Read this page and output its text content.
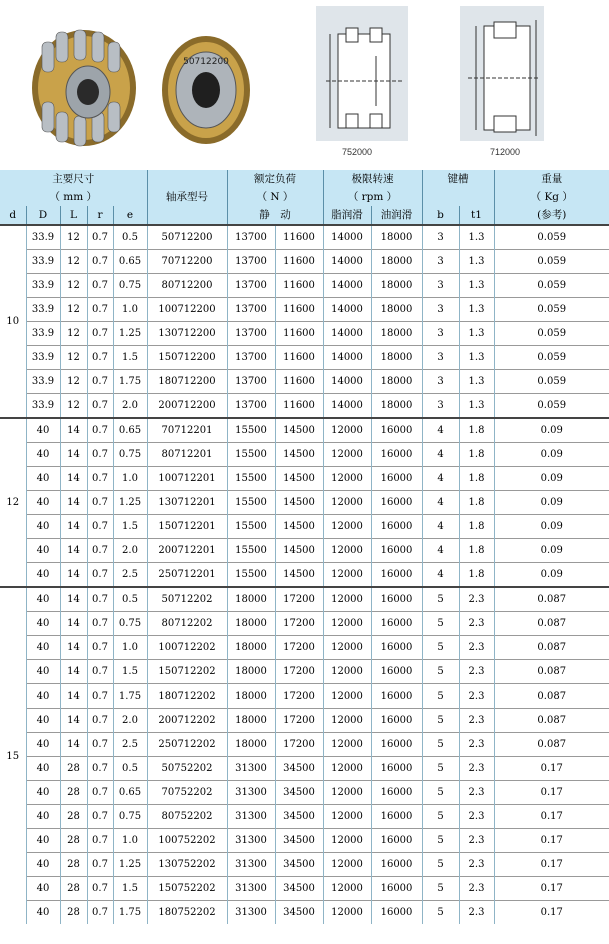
50712200
752000	712000
主要尺寸					轴承型号	额定负荷		极限转速		键槽		重量
（ mm ）						（ N ）		（ rpm ）				（ Kg ）
d	D	L	r	e		静　动		脂润滑	油润滑	b	t1	(参考)
10	33.9	12	0.7	0.5	50712200	13700	11600	14000	18000	3	1.3	0.059
	33.9	12	0.7	0.65	70712200	13700	11600	14000	18000	3	1.3	0.059
	33.9	12	0.7	0.75	80712200	13700	11600	14000	18000	3	1.3	0.059
	33.9	12	0.7	1.0	100712200	13700	11600	14000	18000	3	1.3	0.059
	33.9	12	0.7	1.25	130712200	13700	11600	14000	18000	3	1.3	0.059
	33.9	12	0.7	1.5	150712200	13700	11600	14000	18000	3	1.3	0.059
	33.9	12	0.7	1.75	180712200	13700	11600	14000	18000	3	1.3	0.059
	33.9	12	0.7	2.0	200712200	13700	11600	14000	18000	3	1.3	0.059
12	40	14	0.7	0.65	70712201	15500	14500	12000	16000	4	1.8	0.09
	40	14	0.7	0.75	80712201	15500	14500	12000	16000	4	1.8	0.09
	40	14	0.7	1.0	100712201	15500	14500	12000	16000	4	1.8	0.09
	40	14	0.7	1.25	130712201	15500	14500	12000	16000	4	1.8	0.09
	40	14	0.7	1.5	150712201	15500	14500	12000	16000	4	1.8	0.09
	40	14	0.7	2.0	200712201	15500	14500	12000	16000	4	1.8	0.09
	40	14	0.7	2.5	250712201	15500	14500	12000	16000	4	1.8	0.09
15	40	14	0.7	0.5	50712202	18000	17200	12000	16000	5	2.3	0.087
	40	14	0.7	0.75	80712202	18000	17200	12000	16000	5	2.3	0.087
	40	14	0.7	1.0	100712202	18000	17200	12000	16000	5	2.3	0.087
	40	14	0.7	1.5	150712202	18000	17200	12000	16000	5	2.3	0.087
	40	14	0.7	1.75	180712202	18000	17200	12000	16000	5	2.3	0.087
	40	14	0.7	2.0	200712202	18000	17200	12000	16000	5	2.3	0.087
	40	14	0.7	2.5	250712202	18000	17200	12000	16000	5	2.3	0.087
	40	28	0.7	0.5	50752202	31300	34500	12000	16000	5	2.3	0.17
	40	28	0.7	0.65	70752202	31300	34500	12000	16000	5	2.3	0.17
	40	28	0.7	0.75	80752202	31300	34500	12000	16000	5	2.3	0.17
	40	28	0.7	1.0	100752202	31300	34500	12000	16000	5	2.3	0.17
	40	28	0.7	1.25	130752202	31300	34500	12000	16000	5	2.3	0.17
	40	28	0.7	1.5	150752202	31300	34500	12000	16000	5	2.3	0.17
	40	28	0.7	1.75	180752202	31300	34500	12000	16000	5	2.3	0.17
